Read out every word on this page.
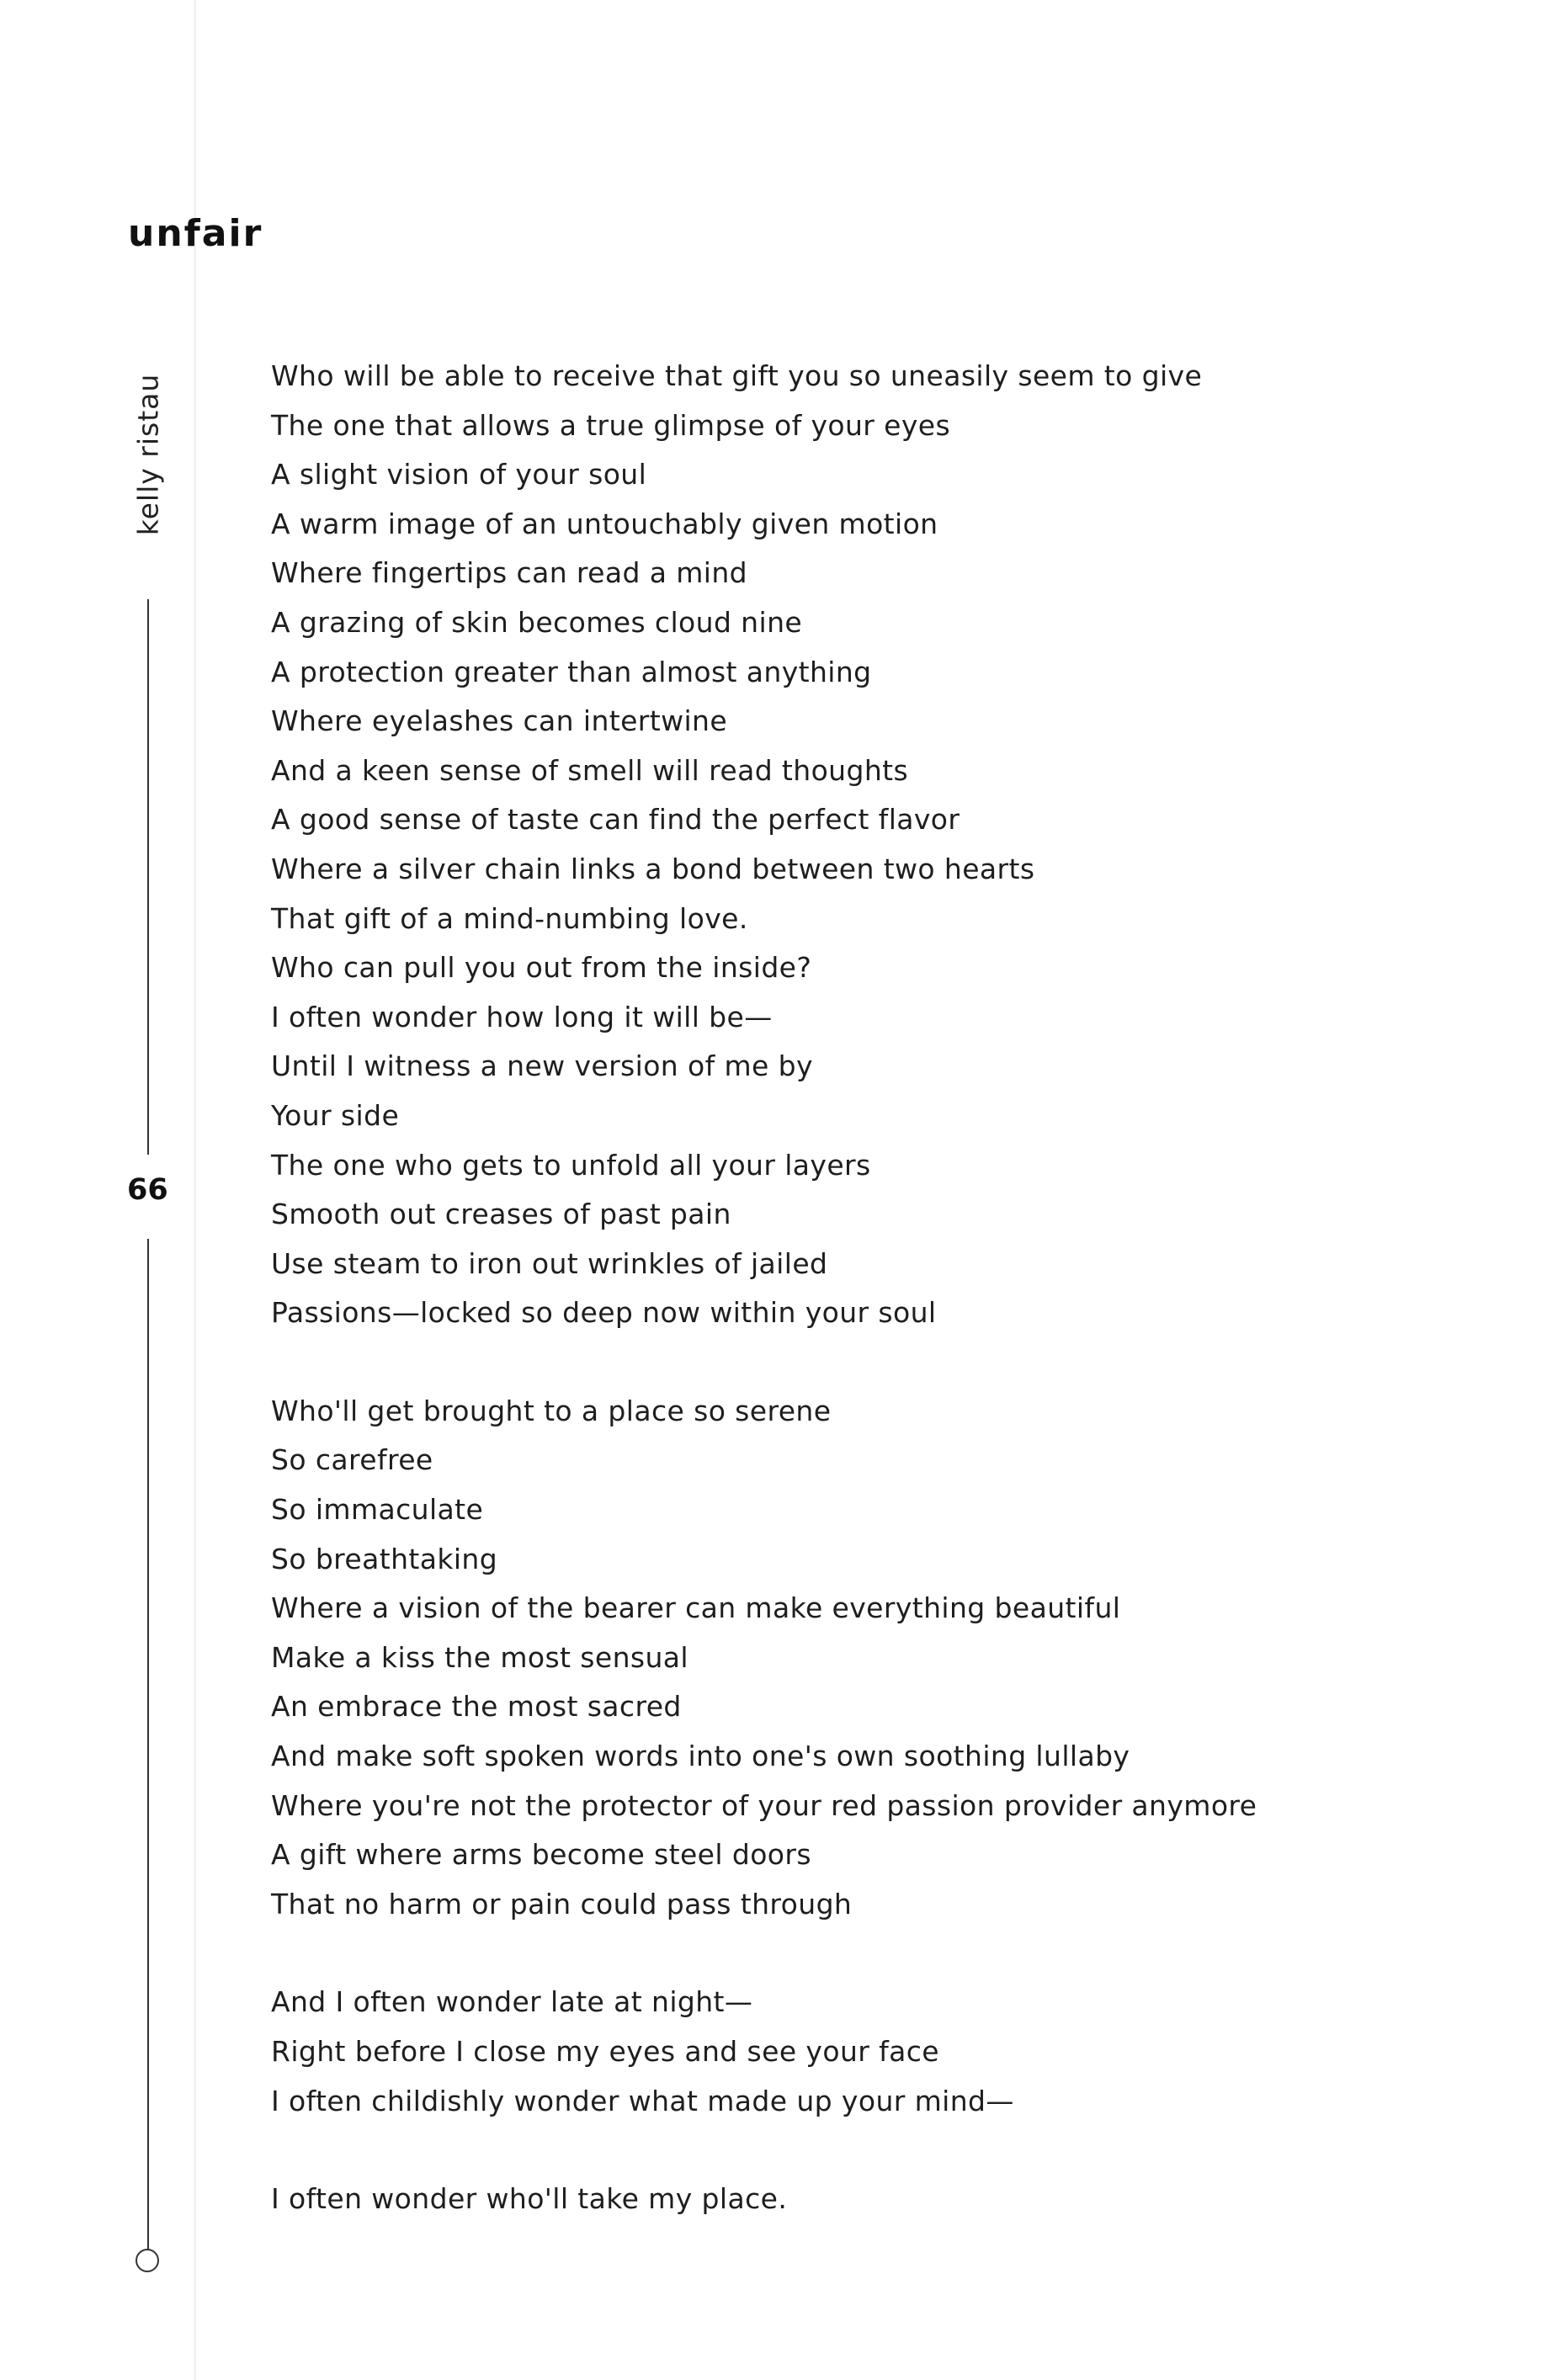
unfair
kelly ristau
66
Who will be able to receive that gift you so uneasily seem to give
The one that allows a true glimpse of your eyes
A slight vision of your soul
A warm image of an untouchably given motion
Where fingertips can read a mind
A grazing of skin becomes cloud nine
A protection greater than almost anything
Where eyelashes can intertwine
And a keen sense of smell will read thoughts
A good sense of taste can find the perfect flavor
Where a silver chain links a bond between two hearts
That gift of a mind-numbing love.
Who can pull you out from the inside?
I often wonder how long it will be—
Until I witness a new version of me by
Your side
The one who gets to unfold all your layers
Smooth out creases of past pain
Use steam to iron out wrinkles of jailed
Passions—locked so deep now within your soul
Who'll get brought to a place so serene
So carefree
So immaculate
So breathtaking
Where a vision of the bearer can make everything beautiful
Make a kiss the most sensual
An embrace the most sacred
And make soft spoken words into one's own soothing lullaby
Where you're not the protector of your red passion provider anymore
A gift where arms become steel doors
That no harm or pain could pass through
And I often wonder late at night—
Right before I close my eyes and see your face
I often childishly wonder what made up your mind—
I often wonder who'll take my place.
